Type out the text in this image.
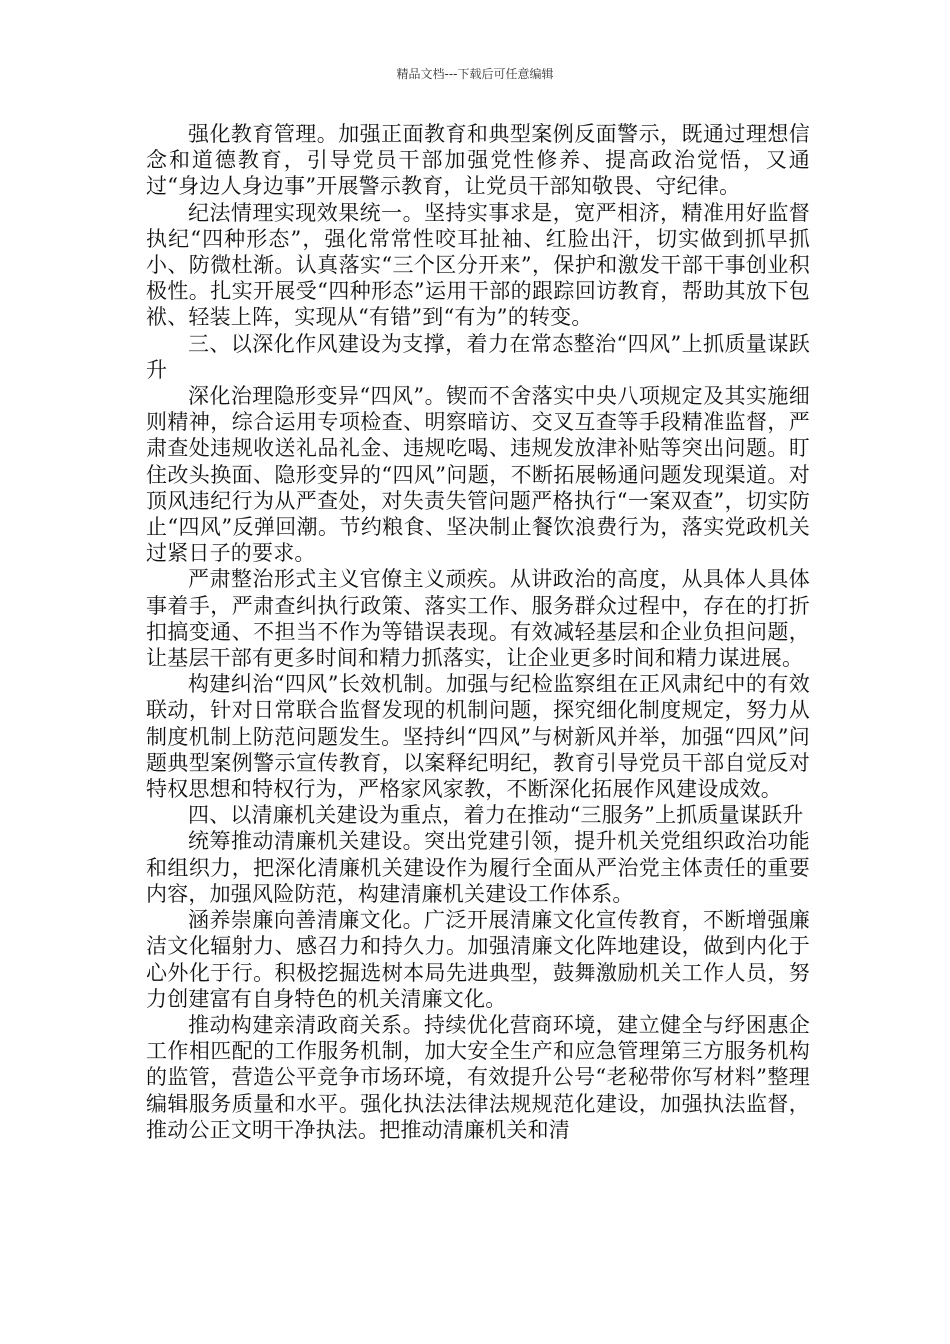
精品文档---下载后可任意编辑

强化教育管理。加强正面教育和典型案例反面警示，既通过理想信念和道德教育，引导党员干部加强党性修养、提高政治觉悟，又通过“身边人身边事”开展警示教育，让党员干部知敬畏、守纪律。

纪法情理实现效果统一。坚持实事求是，宽严相济，精准用好监督执纪“四种形态”，强化常常性咬耳扯袖、红脸出汗，切实做到抓早抓小、防微杜渐。认真落实“三个区分开来”，保护和激发干部干事创业积极性。扎实开展受“四种形态”运用干部的跟踪回访教育，帮助其放下包袱、轻装上阵，实现从“有错”到“有为”的转变。

三、以深化作风建设为支撑，着力在常态整治“四风”上抓质量谋跃升

深化治理隐形变异“四风”。锲而不舍落实中央八项规定及其实施细则精神，综合运用专项检查、明察暗访、交叉互查等手段精准监督，严肃查处违规收送礼品礼金、违规吃喝、违规发放津补贴等突出问题。盯住改头换面、隐形变异的“四风”问题，不断拓展畅通问题发现渠道。对顶风违纪行为从严查处，对失责失管问题严格执行“一案双查”，切实防止“四风”反弹回潮。节约粮食、坚决制止餐饮浪费行为，落实党政机关过紧日子的要求。

严肃整治形式主义官僚主义顽疾。从讲政治的高度，从具体人具体事着手，严肃查纠执行政策、落实工作、服务群众过程中，存在的打折扣搞变通、不担当不作为等错误表现。有效减轻基层和企业负担问题，让基层干部有更多时间和精力抓落实，让企业更多时间和精力谋进展。

构建纠治“四风”长效机制。加强与纪检监察组在正风肃纪中的有效联动，针对日常联合监督发现的机制问题，探究细化制度规定，努力从制度机制上防范问题发生。坚持纠“四风”与树新风并举，加强“四风”问题典型案例警示宣传教育，以案释纪明纪，教育引导党员干部自觉反对特权思想和特权行为，严格家风家教，不断深化拓展作风建设成效。

四、以清廉机关建设为重点，着力在推动“三服务”上抓质量谋跃升

统筹推动清廉机关建设。突出党建引领，提升机关党组织政治功能和组织力，把深化清廉机关建设作为履行全面从严治党主体责任的重要内容，加强风险防范，构建清廉机关建设工作体系。

涵养崇廉向善清廉文化。广泛开展清廉文化宣传教育，不断增强廉洁文化辐射力、感召力和持久力。加强清廉文化阵地建设，做到内化于心外化于行。积极挖掘选树本局先进典型，鼓舞激励机关工作人员，努力创建富有自身特色的机关清廉文化。

推动构建亲清政商关系。持续优化营商环境，建立健全与纾困惠企工作相匹配的工作服务机制，加大安全生产和应急管理第三方服务机构的监管，营造公平竞争市场环境，有效提升公号“老秘带你写材料”整理编辑服务质量和水平。强化执法法律法规规范化建设，加强执法监督，推动公正文明干净执法。把推动清廉机关和清
